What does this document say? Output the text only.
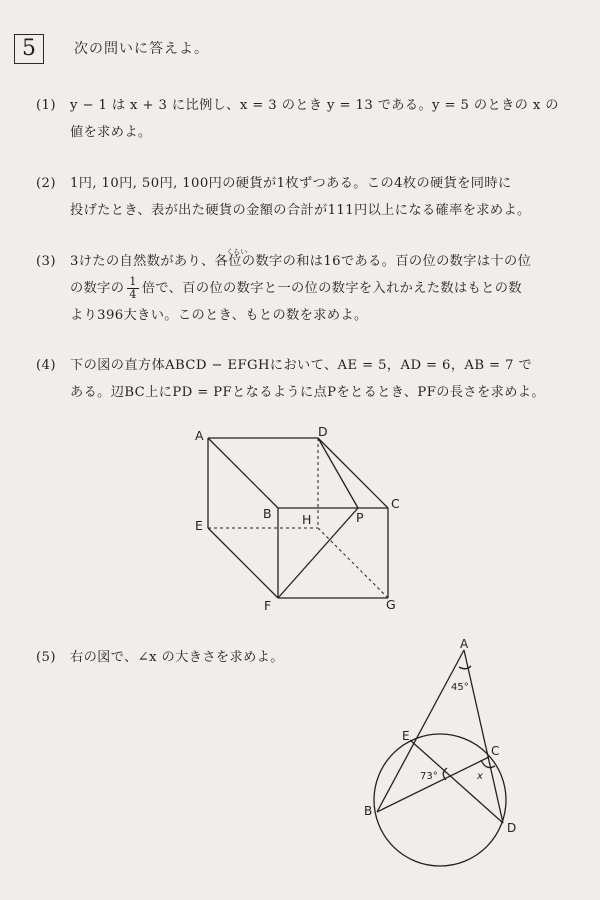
5	次の問いに答えよ。
(1) y − 1 は x + 3 に比例し、x = 3 のとき y = 13 である。y = 5 のときの x の
値を求めよ。
(2) 1円, 10円, 50円, 100円の硬貨が1枚ずつある。この4枚の硬貨を同時に
投げたとき、表が出た硬貨の金額の合計が111円以上になる確率を求めよ。
(3) 3けたの自然数があり、各
くらい
位の数字の和は16である。百の位の数字は十の位
の数字の $\frac{1}{4}$ 倍で、百の位の数字と一の位の数字を入れかえた数はもとの数
より396大きい。このとき、もとの数を求めよ。
(4) 下の図の直方体ABCD − EFGHにおいて、AE = 5，AD = 6，AB = 7 で
ある。辺BC上にPD = PFとなるように点Pをとるとき、PFの長さを求めよ。
A
B
C
D
E
F	G
H	P
(5) 右の図で、∠x の大きさを求めよ。
A
B
C
D
E
45°
73°	x
